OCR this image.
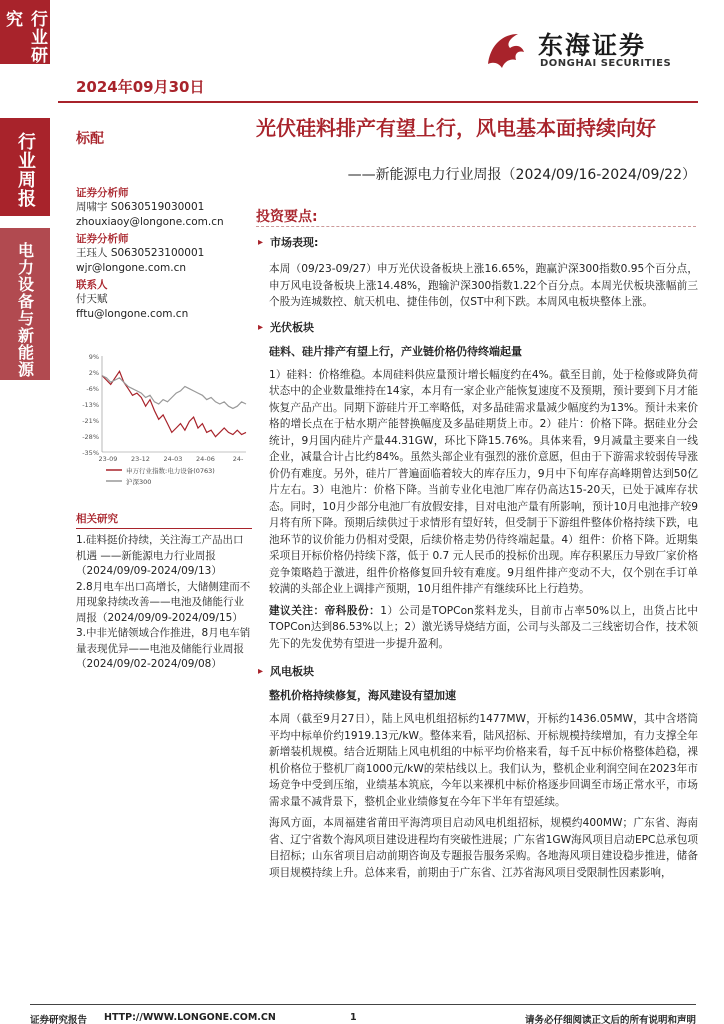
行业研究
行业周报
电力设备与新能源
2024年09月30日
东海证券
DONGHAI SECURITIES
标配
证券分析师
周啸宇 S0630519030001
zhouxiaoy@longone.com.cn
证券分析师
王珏人 S0630523100001
wjr@longone.com.cn
联系人
付天赋
fftu@longone.com.cn
9%
2%
-6%
-13%
-21%
-28%
-35%
23-09 23-12 24-03 24-06	24-
申万行业指数:电力设备(0763)
沪深300
相关研究
1.硅料挺价持续，关注海工产品出口机遇 ——新能源电力行业周报（2024/09/09-2024/09/13）
2.8月电车出口高增长，大储侧建而不用现象持续改善——电池及储能行业周报（2024/09/09-2024/09/15）
3.中非光储领域合作推进，8月电车销量表现优异——电池及储能行业周报（2024/09/02-2024/09/08）
光伏硅料排产有望上行，风电基本面持续向好
——新能源电力行业周报（2024/09/16-2024/09/22）
投资要点:
▸ 市场表现:
本周（09/23-09/27）申万光伏设备板块上涨16.65%，跑赢沪深300指数0.95个百分点，申万风电设备板块上涨14.48%，跑输沪深300指数1.22个百分点。本周光伏板块涨幅前三个股为连城数控、航天机电、捷佳伟创，仅ST中利下跌。本周风电板块整体上涨。
▸ 光伏板块
硅料、硅片排产有望上行，产业链价格仍待终端起量
1）硅料：价格维稳。本周硅料供应量预计增长幅度约在4%。截至目前，处于检修或降负荷状态中的企业数量维持在14家，本月有一家企业产能恢复速度不及预期，预计要到下月才能恢复产品产出。同期下游硅片开工率略低，对多晶硅需求量减少幅度约为13%。预计未来价格的增长点在于枯水期产能替换幅度及多晶硅期货上市。2）硅片：价格下降。据硅业分会统计，9月国内硅片产量44.31GW，环比下降15.76%。具体来看，9月减量主要来自一线企业，减量合计占比约84%。虽然头部企业有强烈的涨价意愿，但由于下游需求较弱传导涨价仍有难度。另外，硅片厂普遍面临着较大的库存压力，9月中下旬库存高峰期曾达到50亿片左右。3）电池片：价格下降。当前专业化电池厂库存仍高达15-20天，已处于减库存状态。同时，10月少部分电池厂有放假安排，目对电池产量有所影响，预计10月电池排产较9月将有所下降。预期后续供过于求情形有望好转，但受制于下游组件整体价格持续下跌，电池环节的议价能力仍相对受限，后续价格走势仍待终端起量。4）组件：价格下降。近期集采项目开标价格仍持续下落，低于 0.7 元人民币的投标价出现。库存积累压力导致厂家价格竞争策略趋于激进，组件价格修复回升较有难度。9月组件排产变动不大，仅个别在手订单较满的头部企业上调排产预期，10月组件排产有继续环比上行趋势。
建议关注：帝科股份：1）公司是TOPCon浆料龙头，目前市占率50%以上，出货占比中TOPCon达到86.53%以上；2）激光诱导烧结方面，公司与头部及二三线密切合作，技术领先下的先发优势有望进一步提升盈利。
▸ 风电板块
整机价格持续修复，海风建设有望加速
本周（截至9月27日），陆上风电机组招标约1477MW，开标约1436.05MW，其中含塔筒平均中标单价约1919.13元/kW。整体来看，陆风招标、开标规模持续增加，有力支撑全年新增装机规模。结合近期陆上风电机组的中标平均价格来看，每千瓦中标价格整体趋稳，裸机价格位于整机厂商1000元/kW的荣枯线以上。我们认为，整机企业利润空间在2023年市场竞争中受到压缩，业绩基本筑底，今年以来裸机中标价格逐步回调至市场正常水平，市场需求量不减背景下，整机企业业绩修复在今年下半年有望延续。
海风方面，本周福建省莆田平海湾项目启动风电机组招标，规模约400MW；广东省、海南省、辽宁省数个海风项目建设进程均有突破性进展；广东省1GW海风项目启动EPC总承包项目招标；山东省项目启动前期咨询及专题报告服务采购。各地海风项目建设稳步推进，储备项目规模持续上升。总体来看，前期由于广东省、江苏省海风项目受限制性因素影响，
证券研究报告 HTTP://WWW.LONGONE.COM.CN	1	请务必仔细阅读正文后的所有说明和声明
